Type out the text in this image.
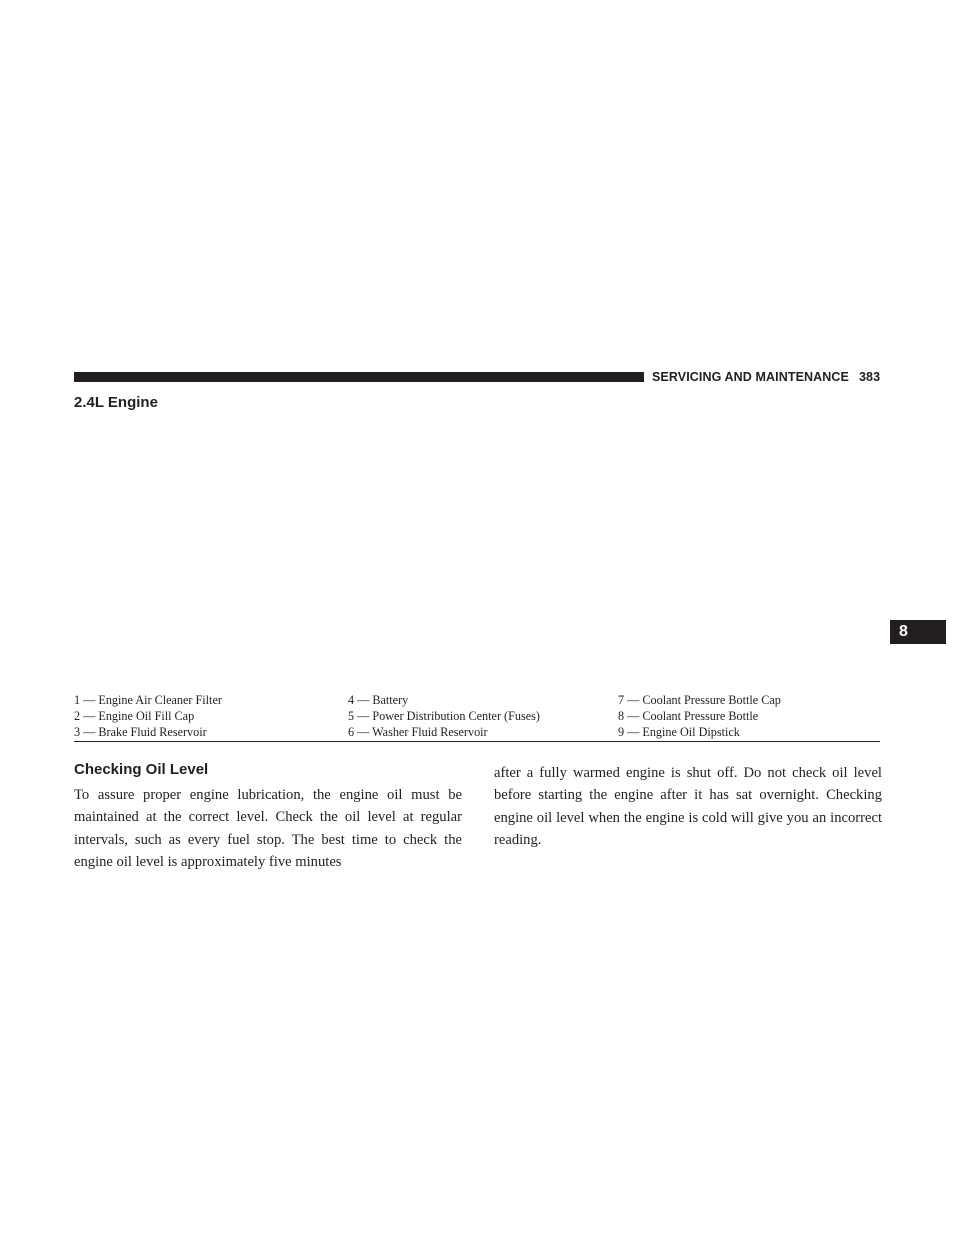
SERVICING AND MAINTENANCE 383
2.4L Engine
8
1 — Engine Air Cleaner Filter	4 — Battery	7 — Coolant Pressure Bottle Cap
2 — Engine Oil Fill Cap	5 — Power Distribution Center (Fuses)	8 — Coolant Pressure Bottle
3 — Brake Fluid Reservoir	6 — Washer Fluid Reservoir	9 — Engine Oil Dipstick
Checking Oil Level

To assure proper engine lubrication, the engine oil must be maintained at the correct level. Check the oil level at regular intervals, such as every fuel stop. The best time to check the engine oil level is approximately five minutes

after a fully warmed engine is shut off. Do not check oil level before starting the engine after it has sat overnight. Checking engine oil level when the engine is cold will give you an incorrect reading.
